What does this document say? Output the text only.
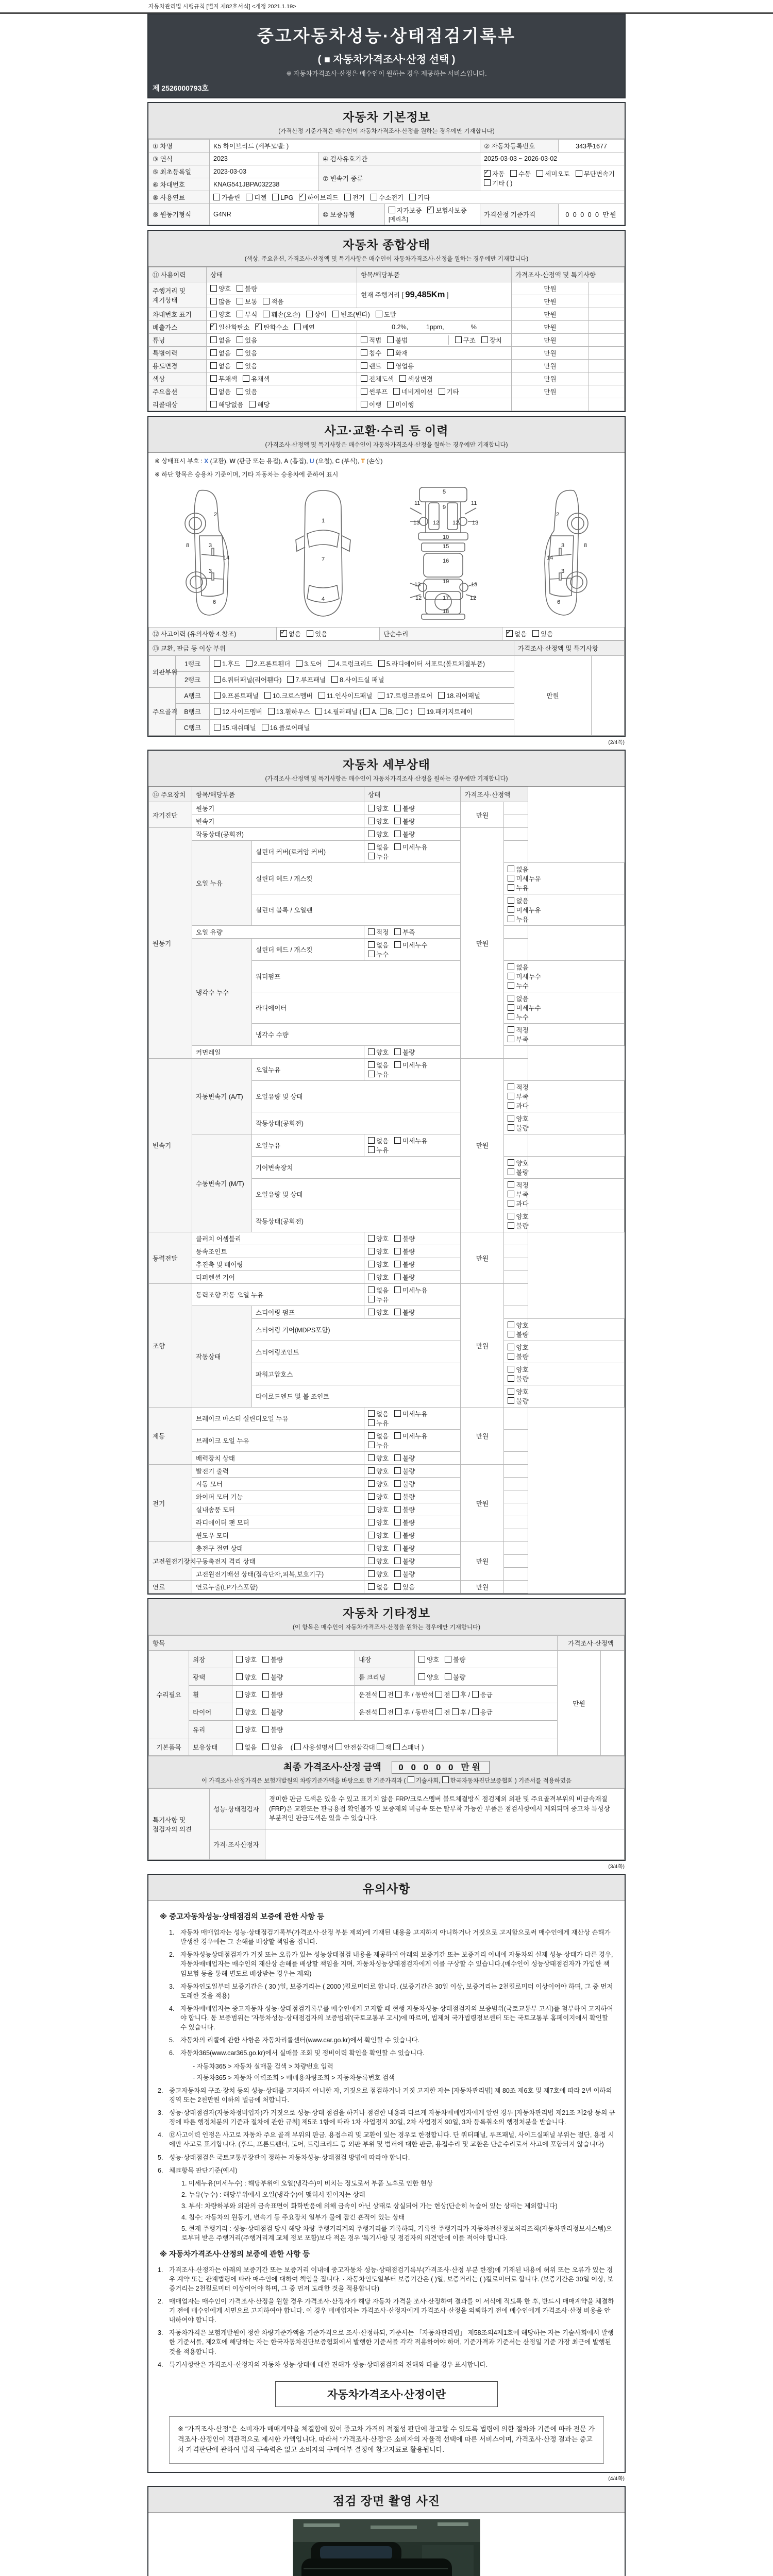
자동차관리법 시행규칙 [별지 제82호서식] <개정 2021.1.19>
중고자동차성능·상태점검기록부
( ■ 자동차가격조사·산정 선택 )
※ 자동차가격조사·산정은 매수인이 원하는 경우 제공하는 서비스입니다.
제 2526000793호
자동차 기본정보
(가격산정 기준가격은 매수인이 자동차가격조사·산정을 원하는 경우에만 기재합니다)
① 차명	K5 하이브리드 (세부모델: )			② 자동차등록번호	343루1677
③ 연식	2023	④ 검사유효기간		2025-03-03 ~ 2026-03-02	
⑤ 최초등록일	2023-03-03	⑦ 변속기 종류	✓자동 수동 세미오토 무단변속기기타 ( )
⑥ 차대번호	KNAG541JBPA032238				
⑧ 사용연료	가솔린 디젤 LPG ✓ 하이브리드 전기 수소전기 기타
⑨ 원동기형식	G4NR	⑩ 보증유형	자가보증 ✓ 보험사보증[메리츠]	가격산정 기준가격	0 0 0 0 0 만원
자동차 종합상태
(색상, 주요옵션, 가격조사·산정액 및 특기사항은 매수인이 자동차가격조사·산정을 원하는 경우에만 기재합니다)
⑪ 사용이력	상태	항목/해당부품	가격조사·산정액 및 특기사항	
주행거리 및 계기상태	양호 불량	현재 주행거리 [ 99,485Km ]	만원	
	많음 보통 적음		만원	
차대번호 표기	양호 부식 훼손(오손) 상이 변조(변타) 도말		만원	
배출가스	✓일산화탄소 ✓ 탄화수소 매연	0.2%,          1ppm,               %	만원	
튜닝	없음 있음	적법 불법 구조 장치	만원	
특별이력	없음 있음	침수 화재	만원	
용도변경	없음 있음	렌트 영업용	만원	
색상	무채색 유채색	전체도색 색상변경	만원	
주요옵션	없음 있음	썬루프 네비게이션 기타	만원	
리콜대상	해당없음 해당	이행 미이행		
사고·교환·수리 등 이력
(가격조사·산정액 및 특기사항은 매수인이 자동차가격조사·산정을 원하는 경우에만 기재합니다)
※ 상태표시 부호 : X (교환), W (판금 또는 용접), A (흠집), U (요철), C (부식), T (손상)
※ 하단 항목은 승용차 기준이며, 기타 자동차는 승용차에 준하여 표시
2
8	3
14
3
6
1
7
4
5
11	11
9
13 12 12 13
10
15
16
19
13	13
12	12
17
18
2
8
3
14
3
6
⑫ 사고이력 (유의사항 4.참조)	✓없음 있음	단순수리	✓없음 있음
⑬ 교환, 판금 등 이상 부위			가격조사·산정액 및 특기사항	
외판부위	1랭크	1.후드 2.프론트휀더 3.도어 4.트렁크리드 5.라디에이터 서포트(볼트체결부품)	만원	
	2랭크	6.쿼터패널(리어휀다) 7.루프패널 8.사이드실 패널		
주요골격	A랭크	9.프론트패널 10.크로스멤버 11.인사이드패널 17.트렁크플로어 18.리어패널		
	B랭크	12.사이드멤버 13.휠하우스 14.필러패널 ( A, B, C ) 19.패키지트레이		
	C랭크	15.대쉬패널 16.플로어패널		
(2/4쪽)
자동차 세부상태
(가격조사·산정액 및 특기사항은 매수인이 자동차가격조사·산정을 원하는 경우에만 기재합니다)
⑭ 주요장치	항목/해당부품		상태	가격조사·산정액		
자기진단	원동기		양호 불량	만원		
	변속기		양호 불량			
원동기	작동상태(공회전)		양호 불량	만원		
	오일 누유	실린더 커버(로커암 커버)	없음 미세누유누유			
		실린더 헤드 / 개스킷			없음미세누유누유	
		실린더 블록 / 오일팬			없음미세누유누유	
	오일 유량		적정 부족			
	냉각수 누수	실린더 헤드 / 개스킷	없음 미세누수누수			
		워터펌프			없음미세누수누수	
		라디에이터			없음미세누수누수	
		냉각수 수량			적정부족	
	커먼레일		양호 불량			
변속기	자동변속기 (A/T)	오일누유	없음 미세누유누유	만원		
		오일유량 및 상태			적정부족과다	
		작동상태(공회전)			양호불량	
	수동변속기 (M/T)	오일누유	없음 미세누유누유			
		기어변속장치			양호불량	
		오일유량 및 상태			적정부족과다	
		작동상태(공회전)			양호불량	
동력전달	클러치 어셈블리		양호 불량	만원		
	등속조인트		양호 불량			
	추진축 및 베어링		양호 불량			
	디퍼렌셜 기어		양호 불량			
조향	동력조향 작동 오일 누유		없음 미세누유누유	만원		
	작동상태	스티어링 펌프	양호 불량			
		스티어링 기어(MDPS포함)			양호불량	
		스티어링조인트			양호불량	
		파워고압호스			양호불량	
		타이로드엔드 및 볼 조인트			양호불량	
제동	브레이크 마스터 실린더오일 누유		없음 미세누유누유	만원		
	브레이크 오일 누유		없음 미세누유누유			
	배력장치 상태		양호 불량			
전기	발전기 출력		양호 불량	만원		
	시동 모터		양호 불량			
	와이퍼 모터 기능		양호 불량			
	실내송풍 모터		양호 불량			
	라디에이터 팬 모터		양호 불량			
	윈도우 모터		양호 불량			
고전원전기장치	충전구 절연 상태		양호 불량	만원		
	구동축전지 격리 상태		양호 불량			
	고전원전기배선 상태(접속단자,피복,보호기구)		양호 불량			
연료	연료누출(LP가스포함)		없음 있음	만원		
자동차 기타정보
(이 항목은 매수인이 자동차가격조사·산정을 원하는 경우에만 기재합니다)
항목					가격조사·산정액	
수리필요	외장	양호 불량	내장	양호 불량	만원	
	광택	양호 불량	룸 크리닝	양호 불량		
	휠	양호 불량	운전석 전 후 / 동반석 전 후 / 응급			
	타이어	양호 불량	운전석 전 후 / 동반석 전 후 / 응급			
	유리	양호 불량				
기본품목	보유상태	없음 있음 ( 사용설명서 안전삼각대 잭 스패너 )				
최종 가격조사·산정 금액 0 0 0 0 0 만원
이 가격조사·산정가격은 보험개발원의 차량기준가액을 바탕으로 한 기준가격과 ( 기술사회, 한국자동차진단보증협회 ) 기준서를 적용하였음
특기사항 및 점검자의 의견	성능·상태점검자	경미한 판금 도색은 있을 수 있고 표기치 않음 FRP/크로스멤버 볼트체결방식 점검제외 외판 및 주요골격부위의 비금속재질(FRP)은 교환또는 판금용접 확인불가 및 보증제외 비금속 또는 탈부착 가능한 부품은 점검사항에서 제외되며 중고차 특성상 부분적인 판금도색은 있을 수 있습니다.
	가격·조사산정자	
(3/4쪽)
유의사항
※ 중고자동차성능·상태점검의 보증에 관한 사항 등
1. 자동차 매매업자는 성능·상태점검기록부(가격조사·산정 부분 제외)에 기재된 내용을 고지하지 아니하거나 거짓으로 고지함으로써 매수인에게 재산상 손해가 발생한 경우에는 그 손해를 배상할 책임을 집니다.
2. 자동차성능상태점검자가 거짓 또는 오류가 있는 성능상태점검 내용을 제공하여 아래의 보증기간 또는 보증거리 이내에 자동차의 실제 성능·상태가 다른 경우, 자동차매매업자는 매수인의 재산상 손해를 배상할 책임을 지며, 자동차성능상태점검자에게 이를 구상할 수 있습니다.(매수인이 성능상태점검자가 가입한 책임보험 등을 통해 별도로 배상받는 경우는 제외)
3. 자동차인도일부터 보증기간은 ( 30 )일, 보증거리는 ( 2000 )킬로미터로 합니다. (보증기간은 30일 이상, 보증거리는 2천킬로미터 이상이어야 하며, 그 중 먼저 도래한 것을 적용)
4. 자동차매매업자는 중고자동차 성능·상태점검기록부를 매수인에게 고지할 때 현행 자동차성능·상태점검자의 보증범위(국토교통부 고시)를 첨부하여 고지하여야 합니다. 동 보증범위는 '자동차성능·상태점검자의 보증범위'(국토교통부 고시)에 따르며, 법제처 국가법령정보센터 또는 국토교통부 홈페이지에서 확인할 수 있습니다.
5. 자동차의 리콜에 관한 사항은 자동차리콜센터(www.car.go.kr)에서 확인할 수 있습니다.
6. 자동차365(www.car365.go.kr)에서 실매물 조회 및 정비이력 확인을 확인할 수 있습니다.
- 자동차365 > 자동차 실매물 검색 > 차량번호 입력
- 자동차365 > 자동차 이력조회 > 매매용차량조회 > 자동차등록번호 검색
2. 중고자동차의 구조·장치 등의 성능·상태를 고지하지 아니한 자, 거짓으로 점검하거나 거짓 고지한 자는 [자동차관리법] 제 80조 제6호 및 제7호에 따라 2년 이하의 징역 또는 2천만원 이하의 벌금에 처합니다.
3. 성능·상태점검자(자동차정비업자)가 거짓으로 성능·상태 점검을 하거나 점검한 내용과 다르게 자동차매매업자에게 알린 경우 [자동차관리법 제21조 제2항 등의 규정에 따른 행정처분의 기준과 절차에 관한 규칙] 제5조 1항에 따라 1차 사업정지 30일, 2차 사업정지 90일, 3차 등록취소의 행정처분을 받습니다.
4. ⑫사고이력 인정은 사고로 자동차 주요 골격 부위의 판금, 용접수리 및 교환이 있는 경우로 한정합니다. 단 쿼터패널, 루프패널, 사이드실패널 부위는 절단, 용접 시에만 사고로 표기합니다. (후드, 프론트펜더, 도어, 트렁크리드 등 외판 부위 및 범퍼에 대한 판금, 용접수리 및 교환은 단순수리로서 사고에 포함되지 않습니다)
5. 성능·상태점검은 국토교통부장관이 정하는 자동차성능·상태점검 방법에 따라야 합니다.
6. 체크항목 판단기준(예시)
1. 미세누유(미세누수) : 해당부위에 오일(냉각수)이 비치는 정도로서 부품 노후로 인한 현상
2. 누유(누수) : 해당부위에서 오일(냉각수)이 맺혀서 떨어지는 상태
3. 부식: 차량하부와 외판의 금속표면이 화학반응에 의해 금속이 아닌 상태로 상실되어 가는 현상(단순히 녹슬어 있는 상태는 제외합니다)
4. 침수: 자동차의 원동기, 변속기 등 주요장치 일부가 물에 잠긴 흔적이 있는 상태
5. 현재 주행거리 : 성능·상태점검 당시 해당 차량 주행거리계의 주행거리를 기록하되, 기록한 주행거리가 자동차전산정보처리조직(자동차관리정보시스템)으로부터 받은 주행거리(주행거리계 교체 정보 포함)보다 적은 경우 '특기사항 및 점검자의 의견'란에 이를 적어야 합니다.
※ 자동차가격조사·산정의 보증에 관한 사항 등
1. 가격조사·산정자는 아래의 보증기간 또는 보증거리 이내에 중고자동차 성능·상태점검기록부(가격조사·산정 부분 한정)에 기재된 내용에 허위 또는 오류가 있는 경우 계약 또는 관계법령에 따라 매수인에 대하여 책임을 집니다. · 자동차인도일부터 보증기간은 ( )일, 보증거리는 ( )킬로미터로 합니다. (보증기간은 30일 이상, 보증거리는 2천킬로미터 이상이어야 하며, 그 중 먼저 도래한 것을 적용합니다)
2. 매매업자는 매수인이 가격조사·산정을 원할 경우 가격조사·산정자가 해당 자동차 가격을 조사·산정하여 결과를 이 서식에 적도록 한 후, 반드시 매매계약을 체결하기 전에 매수인에게 서면으로 고지하여야 합니다. 이 경우 매매업자는 가격조사·산정자에게 가격조사·산정을 의뢰하기 전에 매수인에게 가격조사·산정 비용을 안내하여야 합니다.
3. 자동차가격은 보험개발원이 정한 차량기준가액을 기준가격으로 조사·산정하되, 기준서는 「자동차관리법」 제58조의4제1호에 해당하는 자는 기술사회에서 발행한 기준서를, 제2호에 해당하는 자는 한국자동차진단보증협회에서 발행한 기준서를 각각 적용하여야 하며, 기준가격과 기준서는 산정일 기준 가장 최근에 발행된 것을 적용합니다.
4. 특기사항란은 가격조사·산정자의 자동차 성능·상태에 대한 견해가 성능·상태점검자의 견해와 다를 경우 표시합니다.
자동차가격조사·산정이란
※ "가격조사·산정"은 소비자가 매매계약을 체결함에 있어 중고차 가격의 적절성 판단에 참고할 수 있도록 법령에 의한 절차와 기준에 따라 전문 가격조사·산정인이 객관적으로 제시한 가액입니다. 따라서 "가격조사·산정"은 소비자의 자율적 선택에 따른 서비스이며, 가격조사·산정 결과는 중고차 가격판단에 관하여 법적 구속력은 없고 소비자의 구매여부 결정에 참고자료로 활용됩니다.
(4/4쪽)
점검 장면 촬영 사진
